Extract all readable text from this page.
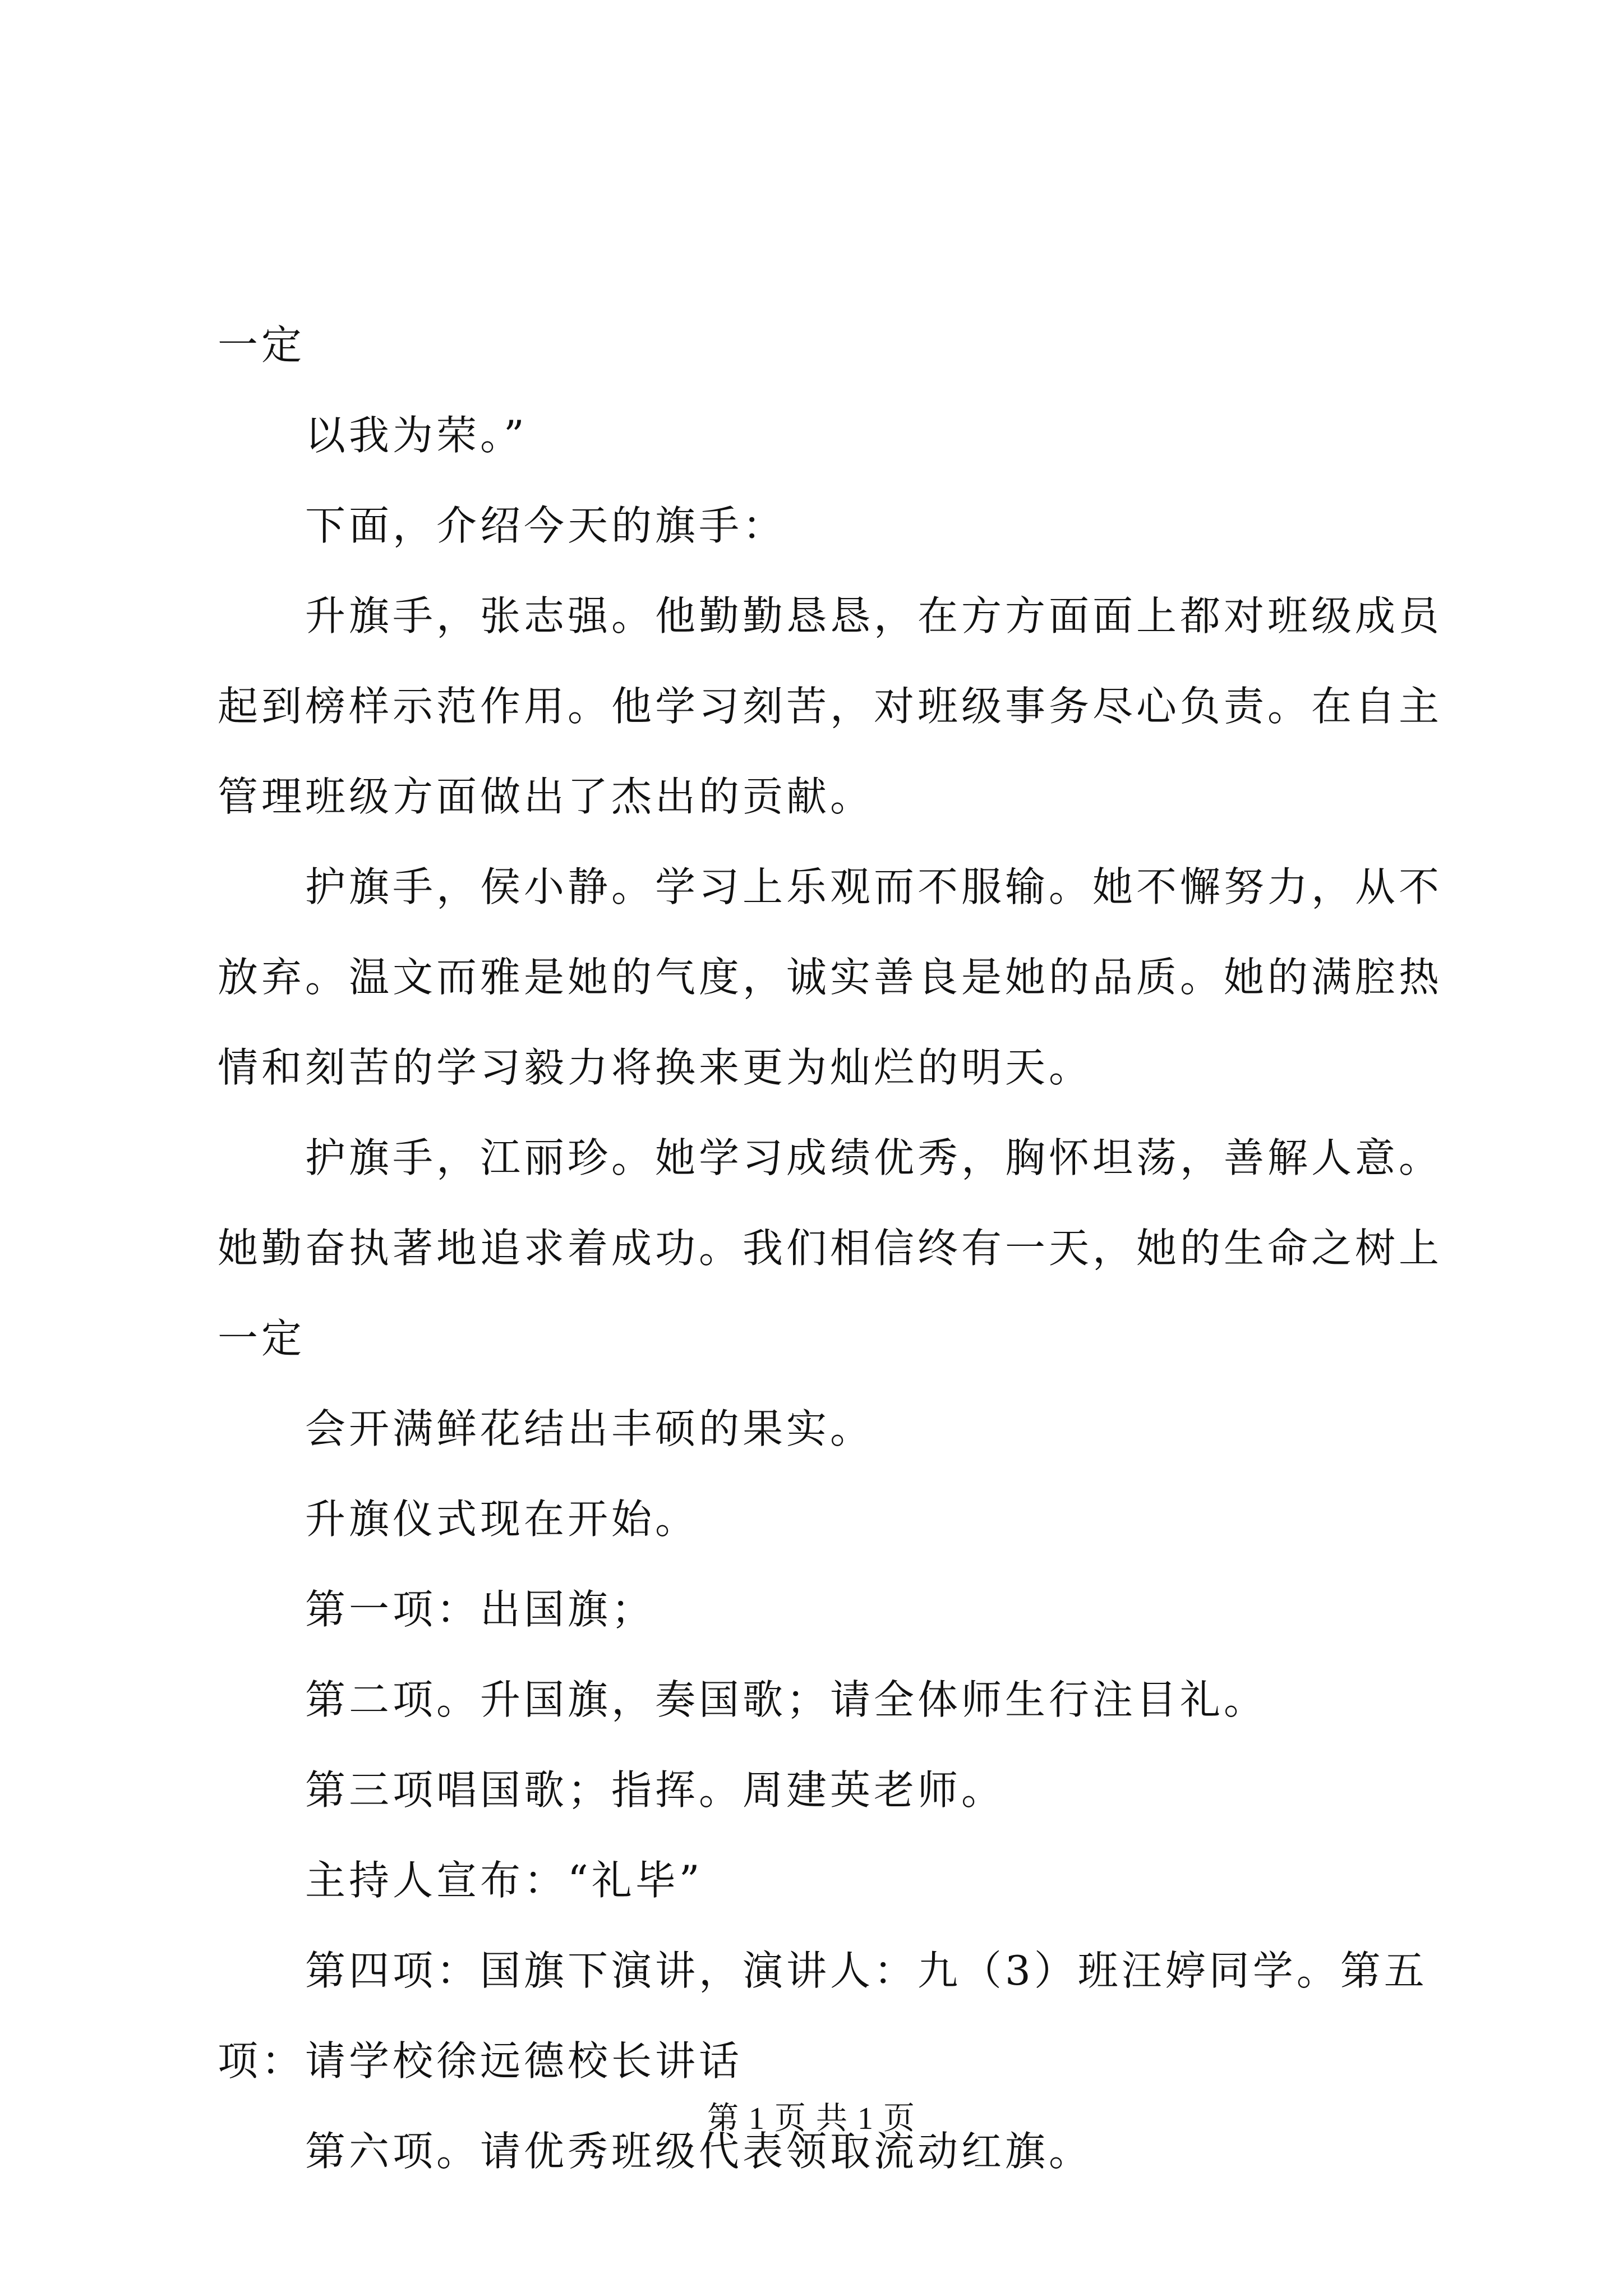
一定

以我为荣。”

下面，介绍今天的旗手：

升旗手，张志强。他勤勤恳恳，在方方面面上都对班级成员

起到榜样示范作用。他学习刻苦，对班级事务尽心负责。在自主

管理班级方面做出了杰出的贡献。

护旗手，侯小静。学习上乐观而不服输。她不懈努力，从不

放弃。温文而雅是她的气度，诚实善良是她的品质。她的满腔热

情和刻苦的学习毅力将换来更为灿烂的明天。

护旗手，江丽珍。她学习成绩优秀，胸怀坦荡，善解人意。

她勤奋执著地追求着成功。我们相信终有一天，她的生命之树上

一定

会开满鲜花结出丰硕的果实。

升旗仪式现在开始。

第一项：出国旗；

第二项。升国旗，奏国歌；请全体师生行注目礼。

第三项唱国歌；指挥。周建英老师。

主持人宣布：“礼毕”

第四项：国旗下演讲，演讲人：九（3）班汪婷同学。第五

项：请学校徐远德校长讲话

第六项。请优秀班级代表领取流动红旗。

第 1 页 共 1 页
